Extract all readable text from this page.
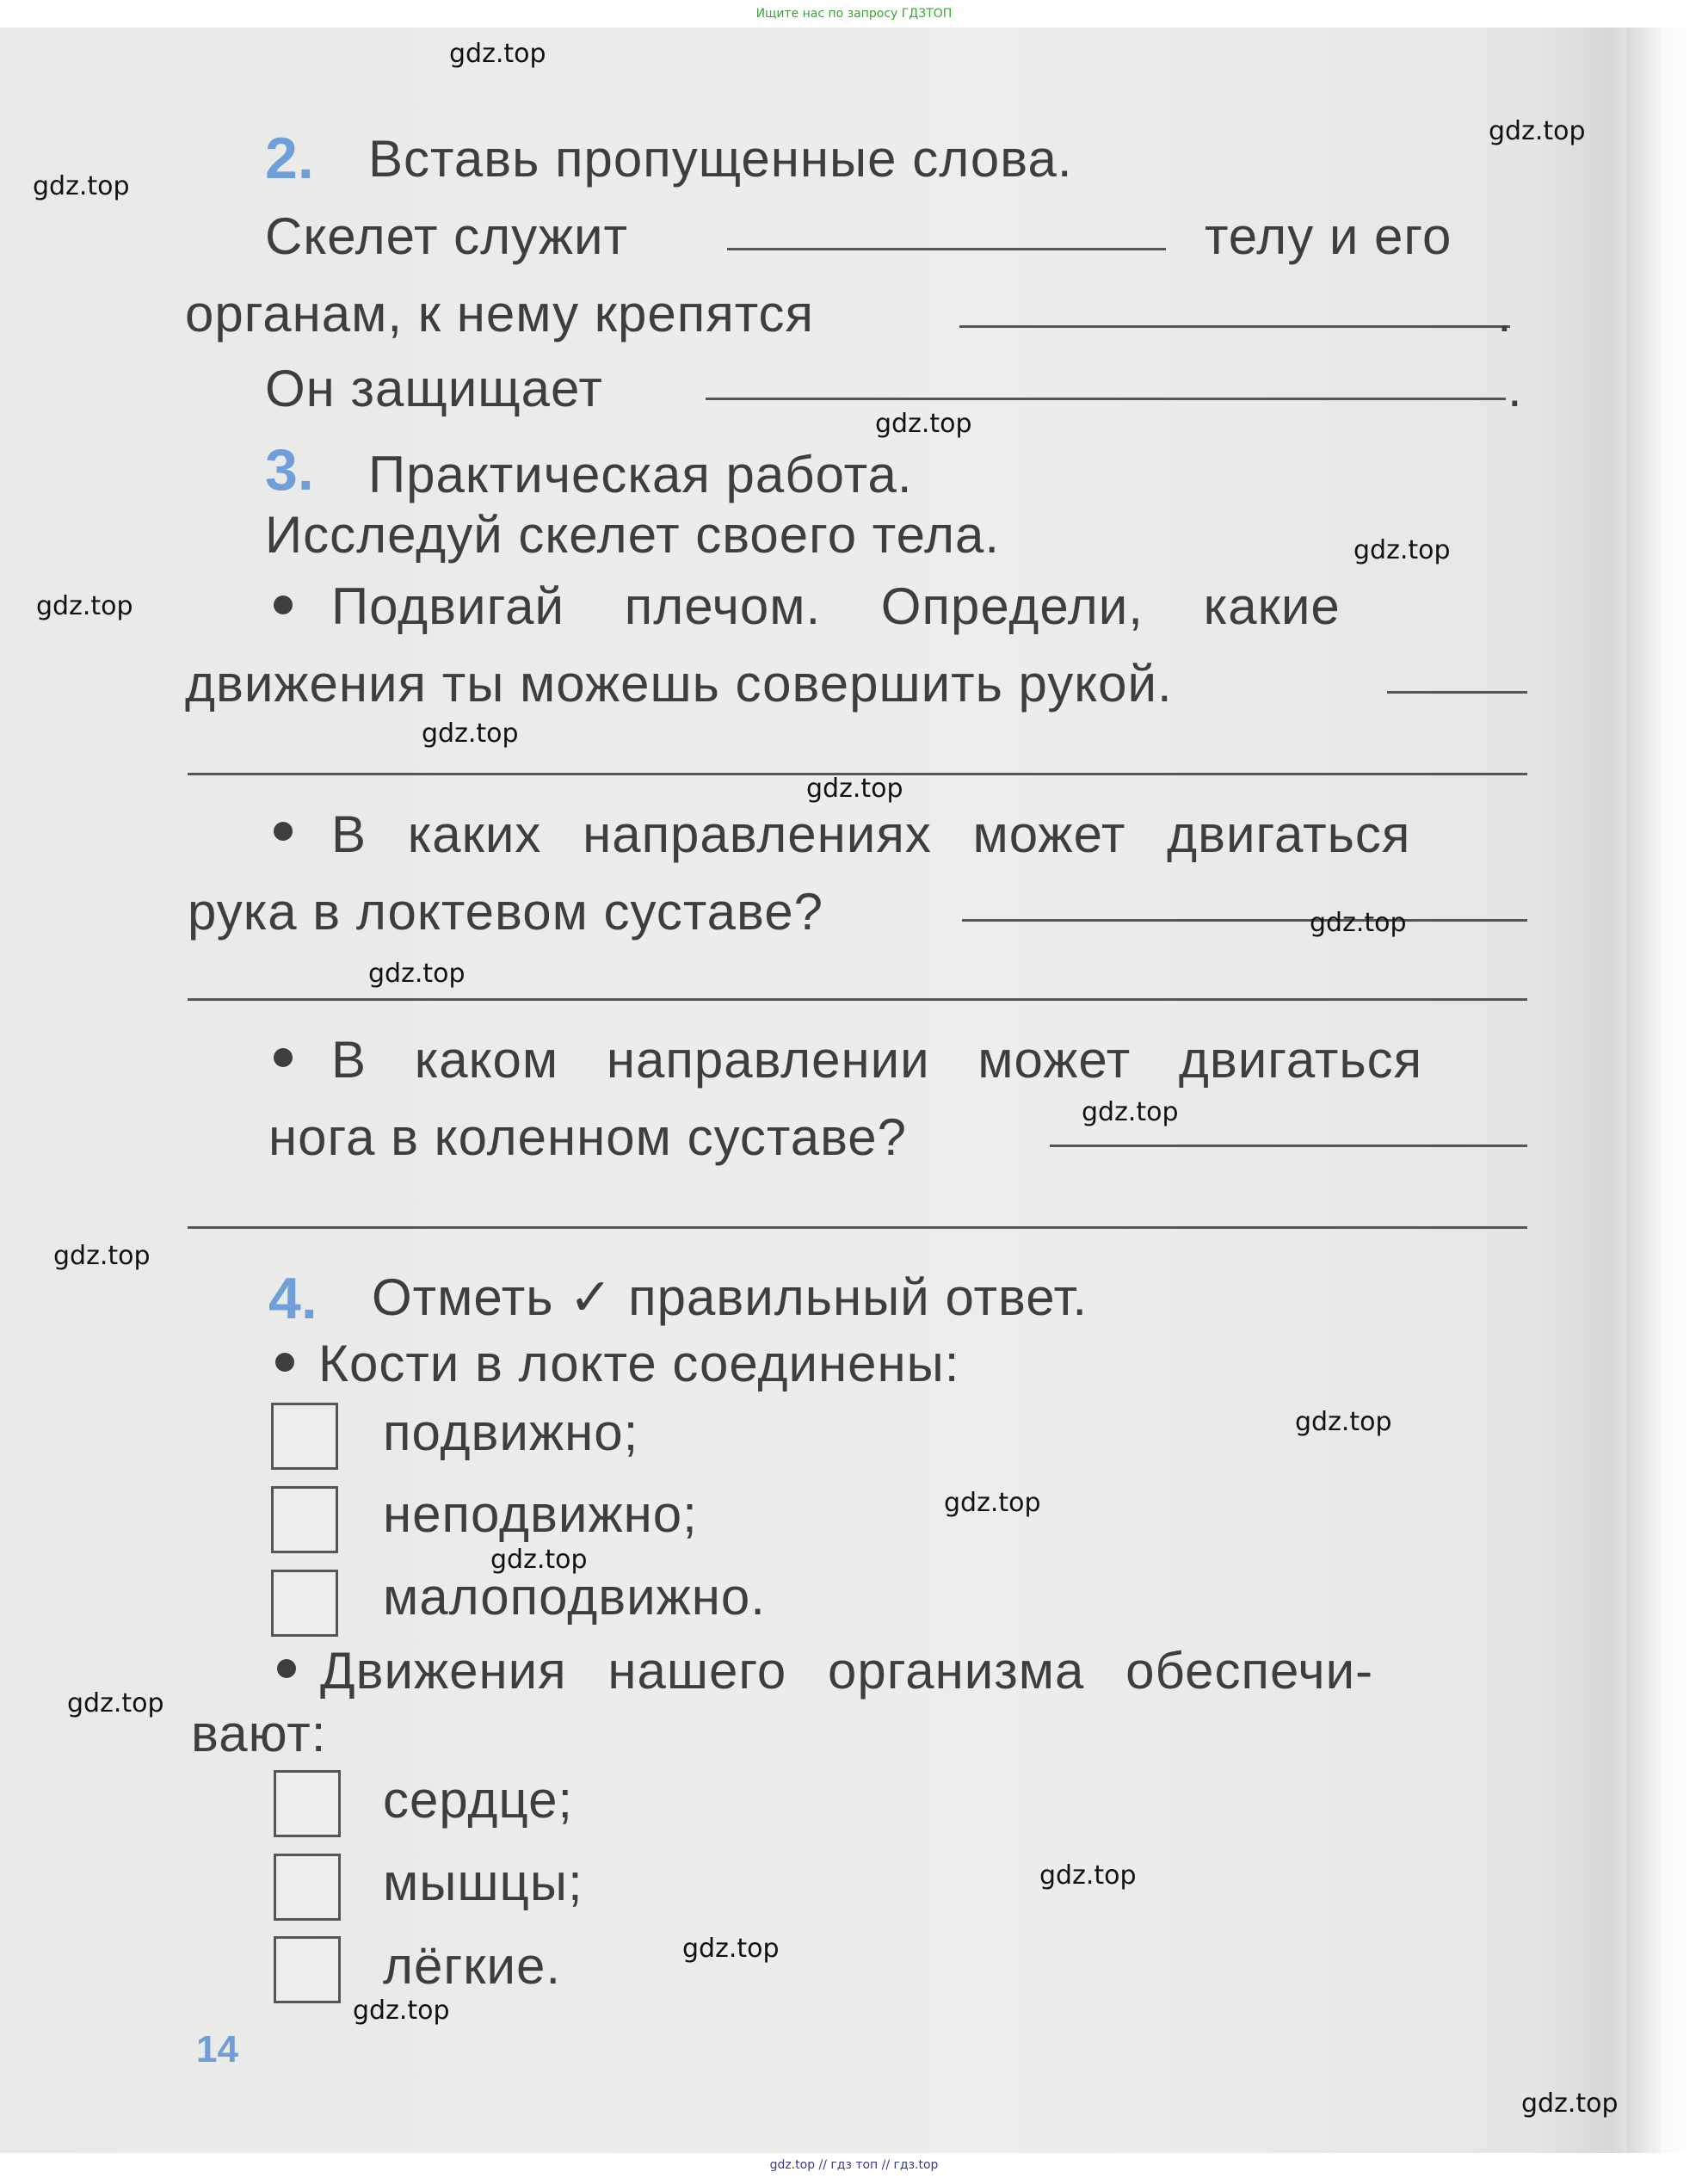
Ищите нас по запросу ГДЗТОП
2. Вставь пропущенные слова.
Скелет служит	телу и его
органам, к нему крепятся	.
Он защищает	.
3. Практическая работа.
Исследуй скелет своего тела.
Подвигай плечом. Определи, какие
движения ты можешь совершить рукой.
В каких направлениях может двигаться
рука в локтевом суставе?
В каком направлении может двигаться
нога в коленном суставе?
4. Отметь ✓ правильный ответ.
Кости в локте соединены:
подвижно;
неподвижно;
малоподвижно.
Движения нашего организма обеспечи-
вают:
сердце;
мышцы;
лёгкие.
14
gdz.top
gdz.top
gdz.top
gdz.top
gdz.top
gdz.top
gdz.top
gdz.top
gdz.top
gdz.top
gdz.top
gdz.top
gdz.top
gdz.top
gdz.top
gdz.top
gdz.top
gdz.top
gdz.top
gdz.top
gdz.top // гдз топ // гдз.top
